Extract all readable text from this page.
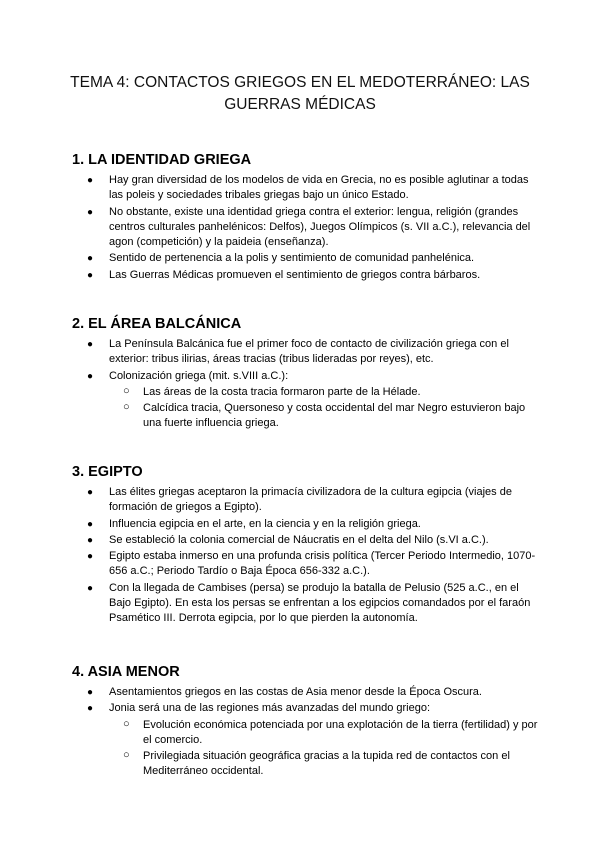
TEMA 4: CONTACTOS GRIEGOS EN EL MEDOTERRÁNEO: LAS
GUERRAS MÉDICAS
1. LA IDENTIDAD GRIEGA
● Hay gran diversidad de los modelos de vida en Grecia, no es posible aglutinar a todas las poleis y sociedades tribales griegas bajo un único Estado.
● No obstante, existe una identidad griega contra el exterior: lengua, religión (grandes centros culturales panhelénicos: Delfos), Juegos Olímpicos (s. VII a.C.), relevancia del agon (competición) y la paideia (enseñanza).
● Sentido de pertenencia a la polis y sentimiento de comunidad panhelénica.
● Las Guerras Médicas promueven el sentimiento de griegos contra bárbaros.
2. EL ÁREA BALCÁNICA
● La Península Balcánica fue el primer foco de contacto de civilización griega con el exterior: tribus ilirias, áreas tracias (tribus lideradas por reyes), etc.
● Colonización griega (mit. s.VIII a.C.):
○ Las áreas de la costa tracia formaron parte de la Hélade.
○ Calcídica tracia, Quersoneso y costa occidental del mar Negro estuvieron bajo una fuerte influencia griega.
3. EGIPTO
● Las élites griegas aceptaron la primacía civilizadora de la cultura egipcia (viajes de formación de griegos a Egipto).
● Influencia egipcia en el arte, en la ciencia y en la religión griega.
● Se estableció la colonia comercial de Náucratis en el delta del Nilo (s.VI a.C.).
● Egipto estaba inmerso en una profunda crisis política (Tercer Periodo Intermedio, 1070-656 a.C.; Periodo Tardío o Baja Época 656-332 a.C.).
● Con la llegada de Cambises (persa) se produjo la batalla de Pelusio (525 a.C., en el Bajo Egipto). En esta los persas se enfrentan a los egipcios comandados por el faraón Psamético III. Derrota egipcia, por lo que pierden la autonomía.
4. ASIA MENOR
● Asentamientos griegos en las costas de Asia menor desde la Época Oscura.
● Jonia será una de las regiones más avanzadas del mundo griego:
○ Evolución económica potenciada por una explotación de la tierra (fertilidad) y por el comercio.
○ Privilegiada situación geográfica gracias a la tupida red de contactos con el Mediterráneo occidental.
